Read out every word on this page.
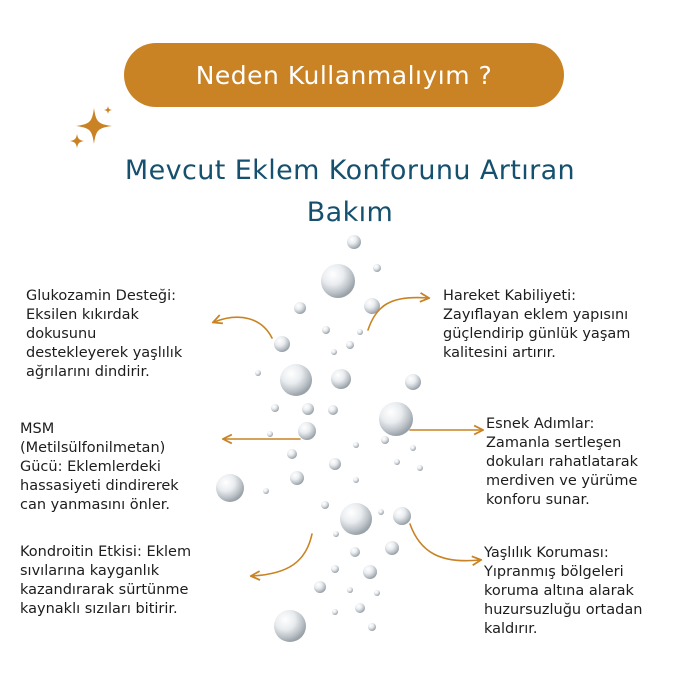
Neden Kullanmalıyım ?
Mevcut Eklem Konforunu Artıran
Bakım
Glukozamin Desteği:
Eksilen kıkırdak
dokusunu
destekleyerek yaşlılık
ağrılarını dindirir.
MSM
(Metilsülfonilmetan)
Gücü: Eklemlerdeki
hassasiyeti dindirerek
can yanmasını önler.
Kondroitin Etkisi: Eklem
sıvılarına kayganlık
kazandırarak sürtünme
kaynaklı sızıları bitirir.
Hareket Kabiliyeti:
Zayıflayan eklem yapısını
güçlendirip günlük yaşam
kalitesini artırır.
Esnek Adımlar:
Zamanla sertleşen
dokuları rahatlatarak
merdiven ve yürüme
konforu sunar.
Yaşlılık Koruması:
Yıpranmış bölgeleri
koruma altına alarak
huzursuzluğu ortadan
kaldırır.
